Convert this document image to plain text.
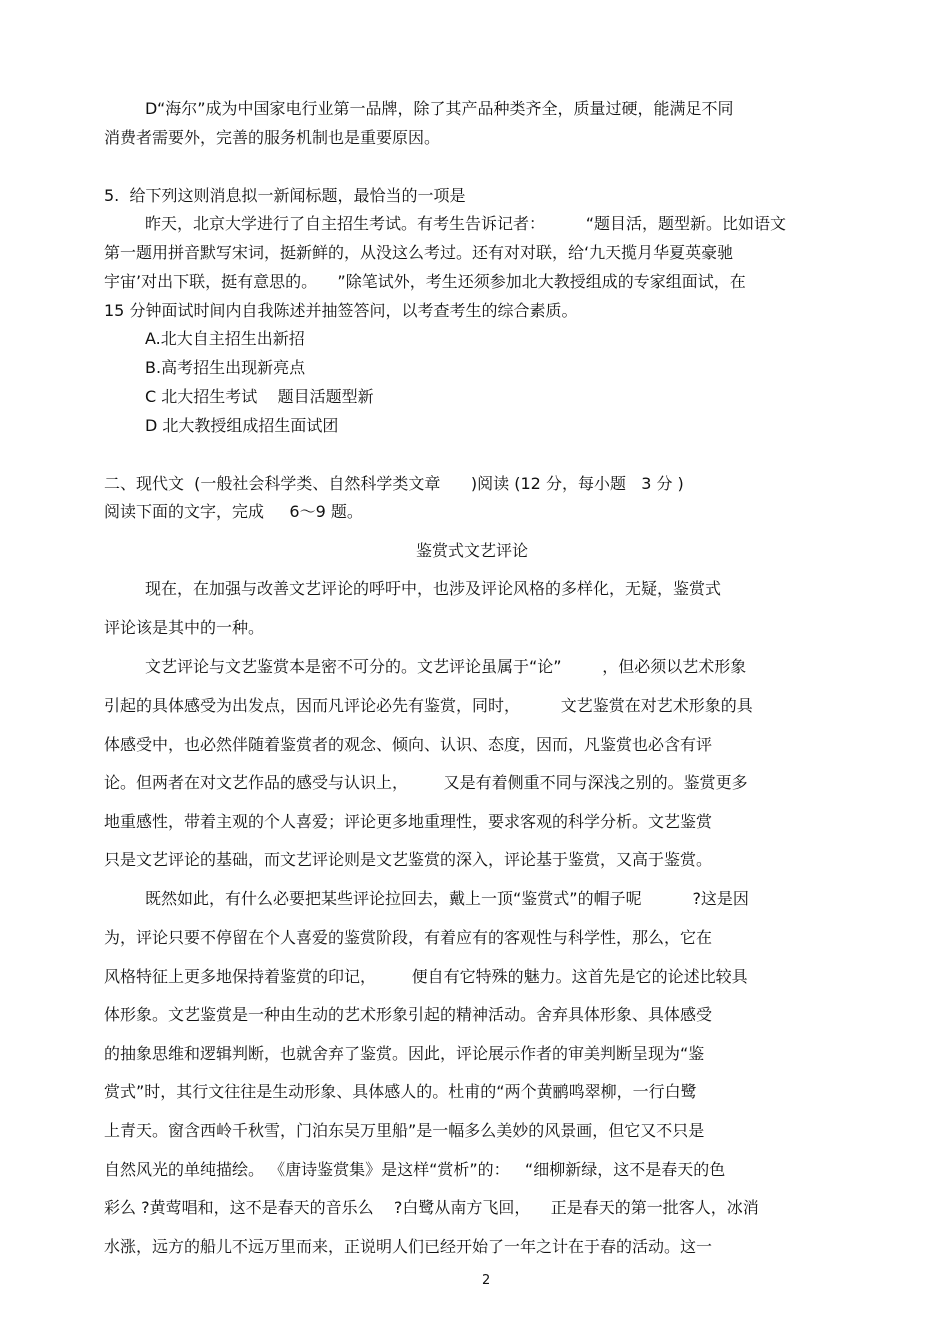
D“海尔”成为中国家电行业第一品牌，除了其产品种类齐全，质量过硬，能满足不同
消费者需要外，完善的服务机制也是重要原因。
5.  给下列这则消息拟一新闻标题，最恰当的一项是
昨天，北京大学进行了自主招生考试。有考生告诉记者：        “题目活，题型新。比如语文
第一题用拼音默写宋词，挺新鲜的，从没这么考过。还有对对联，给‘九天揽月华夏英豪驰
宇宙’对出下联，挺有意思的。    ”除笔试外，考生还须参加北大教授组成的专家组面试，在
15 分钟面试时间内自我陈述并抽签答问，以考查考生的综合素质。
A.北大自主招生出新招
B.高考招生出现新亮点
C 北大招生考试    题目活题型新
D 北大教授组成招生面试团
二、现代文  (一般社会科学类、自然科学类文章      )阅读 (12 分，每小题   3 分 )
阅读下面的文字，完成     6～9 题。
鉴赏式文艺评论
现在，在加强与改善文艺评论的呼吁中，也涉及评论风格的多样化，无疑，鉴赏式
评论该是其中的一种。
文艺评论与文艺鉴赏本是密不可分的。文艺评论虽属于“论”        ，但必须以艺术形象
引起的具体感受为出发点，因而凡评论必先有鉴赏，同时，        文艺鉴赏在对艺术形象的具
体感受中，也必然伴随着鉴赏者的观念、倾向、认识、态度，因而，凡鉴赏也必含有评
论。但两者在对文艺作品的感受与认识上，       又是有着侧重不同与深浅之别的。鉴赏更多
地重感性，带着主观的个人喜爱；评论更多地重理性，要求客观的科学分析。文艺鉴赏
只是文艺评论的基础，而文艺评论则是文艺鉴赏的深入，评论基于鉴赏，又高于鉴赏。
既然如此，有什么必要把某些评论拉回去，戴上一顶“鉴赏式”的帽子呢          ?这是因
为，评论只要不停留在个人喜爱的鉴赏阶段，有着应有的客观性与科学性，那么，它在
风格特征上更多地保持着鉴赏的印记，       便自有它特殊的魅力。这首先是它的论述比较具
体形象。文艺鉴赏是一种由生动的艺术形象引起的精神活动。舍弃具体形象、具体感受
的抽象思维和逻辑判断，也就舍弃了鉴赏。因此，评论展示作者的审美判断呈现为“鉴
赏式”时，其行文往往是生动形象、具体感人的。杜甫的“两个黄鹂鸣翠柳，一行白鹭
上青天。窗含西岭千秋雪，门泊东吴万里船”是一幅多么美妙的风景画，但它又不只是
自然风光的单纯描绘。 《唐诗鉴赏集》是这样“赏析”的：   “细柳新绿，这不是春天的色
彩么 ?黄莺唱和，这不是春天的音乐么    ?白鹭从南方飞回，    正是春天的第一批客人，冰消
水涨，远方的船儿不远万里而来，正说明人们已经开始了一年之计在于春的活动。这一
2
